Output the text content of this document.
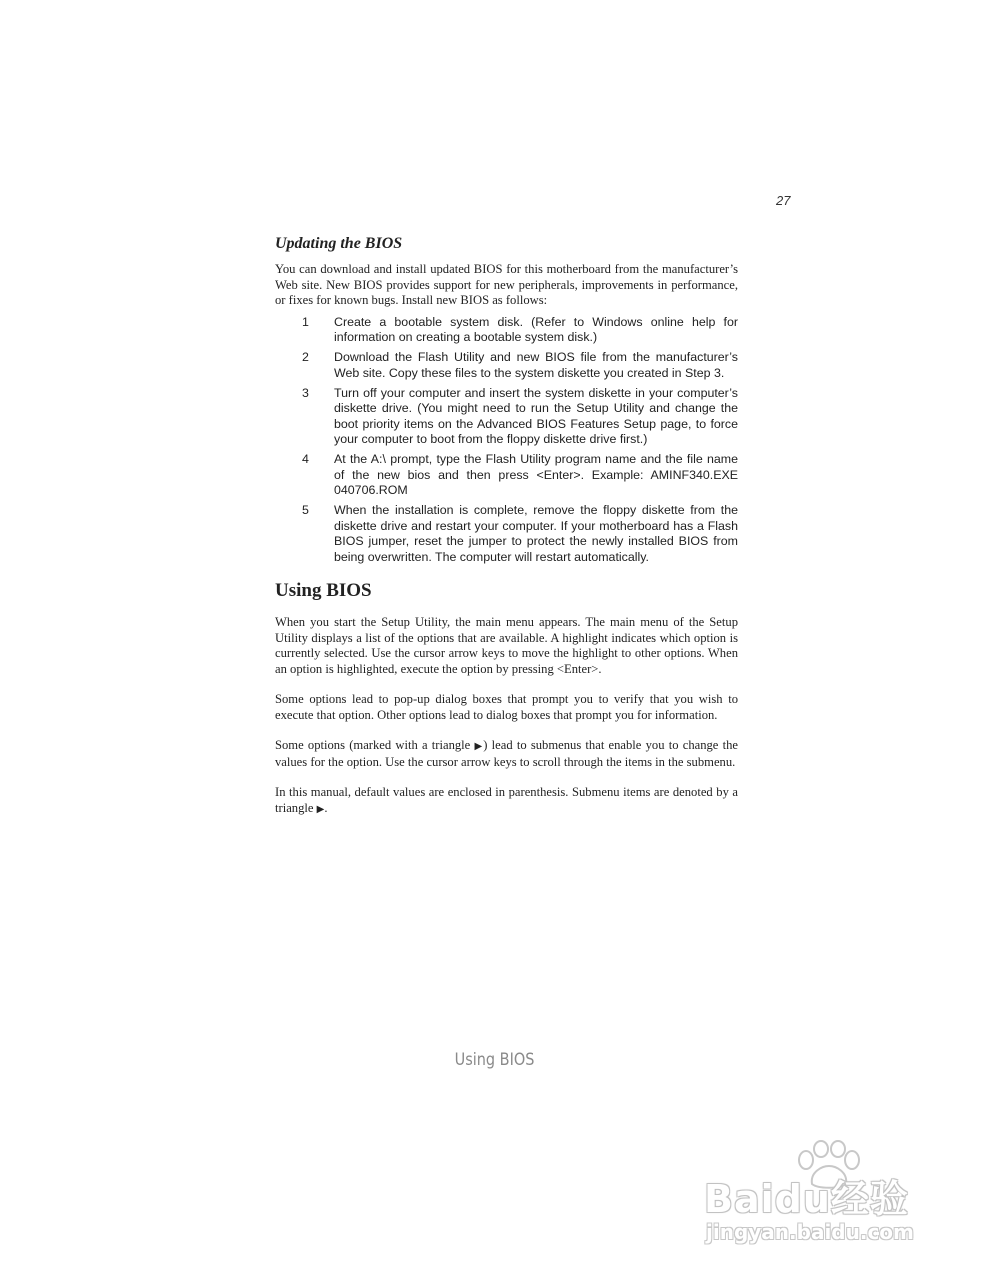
27
Updating the BIOS

You can download and install updated BIOS for this motherboard from the manufacturer’s Web site. New BIOS provides support for new peripherals, improvements in performance, or fixes for known bugs. Install new BIOS as follows:

1	Create a bootable system disk. (Refer to Windows online help for information on creating a bootable system disk.)
2	Download the Flash Utility and new BIOS file from the manufacturer’s Web site. Copy these files to the system diskette you created in Step 3.
3	Turn off your computer and insert the system diskette in your computer’s diskette drive. (You might need to run the Setup Utility and change the boot priority items on the Advanced BIOS Features Setup page, to force your computer to boot from the floppy diskette drive first.)
4	At the A:\ prompt, type the Flash Utility program name and the file name of the new bios and then press <Enter>. Example: AMINF340.EXE 040706.ROM
5	When the installation is complete, remove the floppy diskette from the diskette drive and restart your computer. If your motherboard has a Flash BIOS jumper, reset the jumper to protect the newly installed BIOS from being overwritten. The computer will restart automatically.
Using BIOS

When you start the Setup Utility, the main menu appears. The main menu of the Setup Utility displays a list of the options that are available. A highlight indicates which option is currently selected. Use the cursor arrow keys to move the highlight to other options. When an option is highlighted, execute the option by pressing <Enter>.

Some options lead to pop-up dialog boxes that prompt you to verify that you wish to execute that option. Other options lead to dialog boxes that prompt you for information.

Some options (marked with a triangle ▶) lead to submenus that enable you to change the values for the option. Use the cursor arrow keys to scroll through the items in the submenu.

In this manual, default values are enclosed in parenthesis. Submenu items are denoted by a triangle ▶.

Using BIOS
Baidu经验
jingyan.baidu.com
